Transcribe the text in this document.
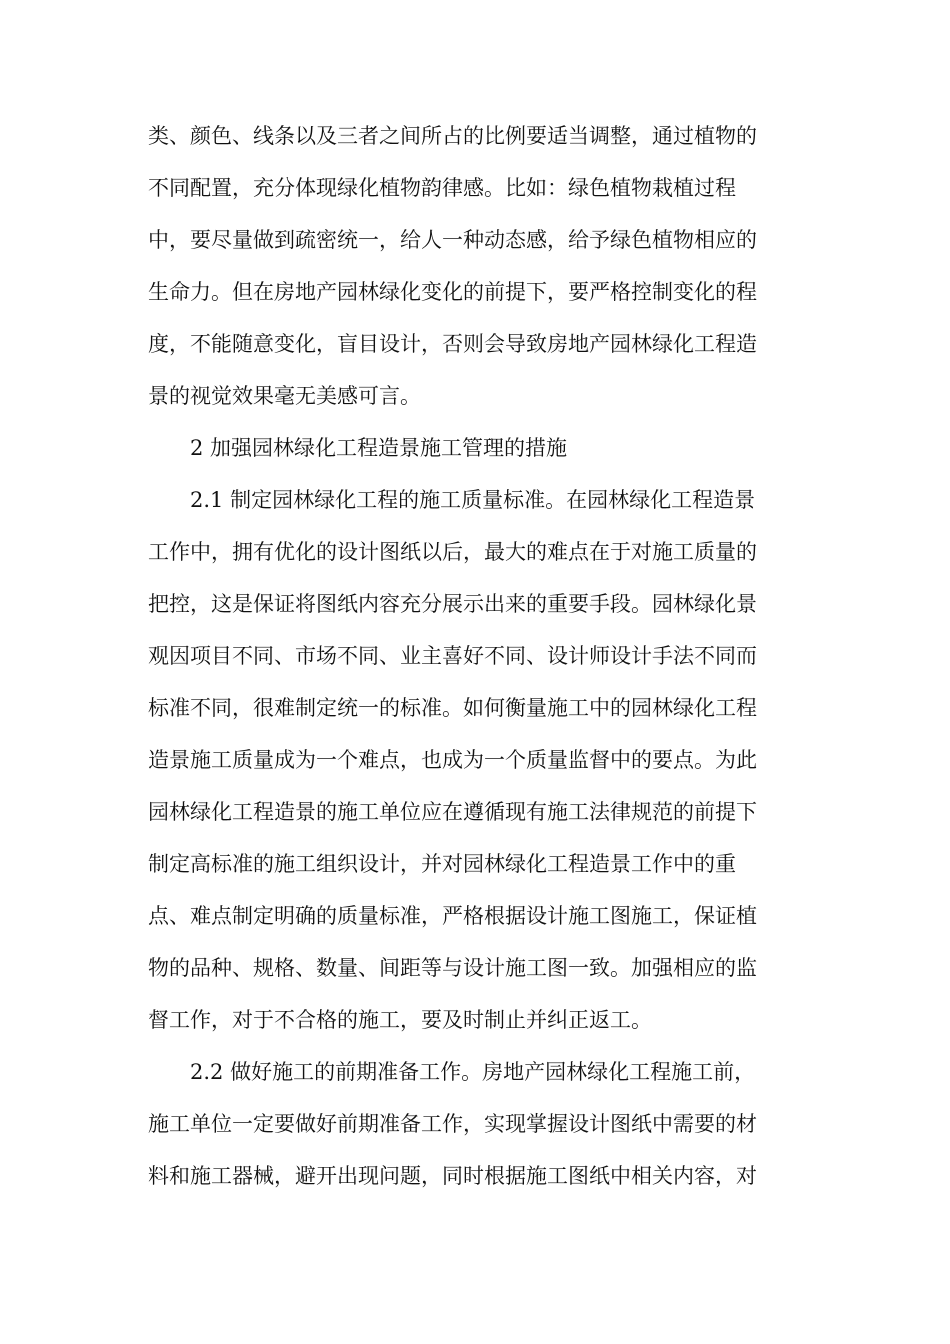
类、颜色、线条以及三者之间所占的比例要适当调整，通过植物的
不同配置，充分体现绿化植物韵律感。比如：绿色植物栽植过程
中，要尽量做到疏密统一，给人一种动态感，给予绿色植物相应的
生命力。但在房地产园林绿化变化的前提下，要严格控制变化的程
度，不能随意变化，盲目设计，否则会导致房地产园林绿化工程造
景的视觉效果毫无美感可言。
2 加强园林绿化工程造景施工管理的措施
2.1 制定园林绿化工程的施工质量标准。在园林绿化工程造景
工作中，拥有优化的设计图纸以后，最大的难点在于对施工质量的
把控，这是保证将图纸内容充分展示出来的重要手段。园林绿化景
观因项目不同、市场不同、业主喜好不同、设计师设计手法不同而
标准不同，很难制定统一的标准。如何衡量施工中的园林绿化工程
造景施工质量成为一个难点，也成为一个质量监督中的要点。为此
园林绿化工程造景的施工单位应在遵循现有施工法律规范的前提下
制定高标准的施工组织设计，并对园林绿化工程造景工作中的重
点、难点制定明确的质量标准，严格根据设计施工图施工，保证植
物的品种、规格、数量、间距等与设计施工图一致。加强相应的监
督工作，对于不合格的施工，要及时制止并纠正返工。
2.2 做好施工的前期准备工作。房地产园林绿化工程施工前，
施工单位一定要做好前期准备工作，实现掌握设计图纸中需要的材
料和施工器械，避开出现问题，同时根据施工图纸中相关内容，对
